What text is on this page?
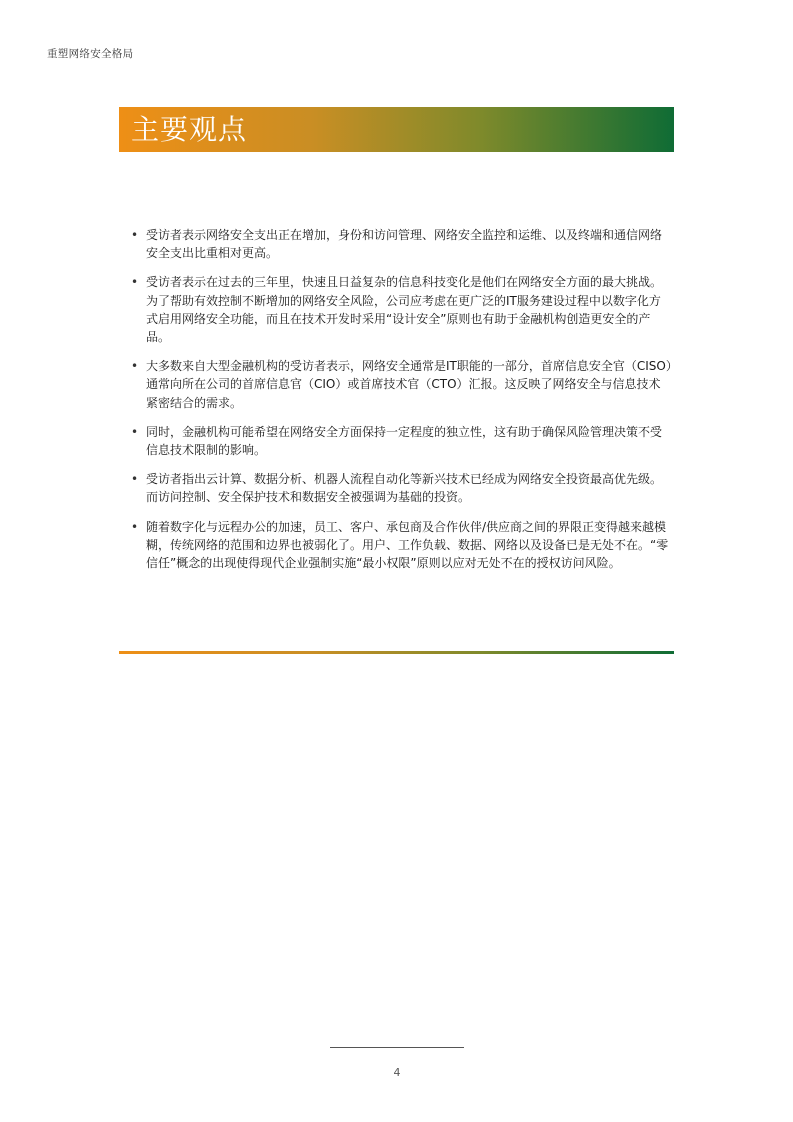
重塑网络安全格局
主要观点
• 受访者表示网络安全支出正在增加，身份和访问管理、网络安全监控和运维、以及终端和通信网络安全支出比重相对更高。
• 受访者表示在过去的三年里，快速且日益复杂的信息科技变化是他们在网络安全方面的最大挑战。为了帮助有效控制不断增加的网络安全风险，公司应考虑在更广泛的IT服务建设过程中以数字化方式启用网络安全功能，而且在技术开发时采用“设计安全”原则也有助于金融机构创造更安全的产品。
• 大多数来自大型金融机构的受访者表示，网络安全通常是IT职能的一部分，首席信息安全官（CISO）通常向所在公司的首席信息官（CIO）或首席技术官（CTO）汇报。这反映了网络安全与信息技术紧密结合的需求。
• 同时，金融机构可能希望在网络安全方面保持一定程度的独立性，这有助于确保风险管理决策不受信息技术限制的影响。
• 受访者指出云计算、数据分析、机器人流程自动化等新兴技术已经成为网络安全投资最高优先级。而访问控制、安全保护技术和数据安全被强调为基础的投资。
• 随着数字化与远程办公的加速，员工、客户、承包商及合作伙伴/供应商之间的界限正变得越来越模糊，传统网络的范围和边界也被弱化了。用户、工作负载、数据、网络以及设备已是无处不在。“零信任”概念的出现使得现代企业强制实施“最小权限”原则以应对无处不在的授权访问风险。
4
